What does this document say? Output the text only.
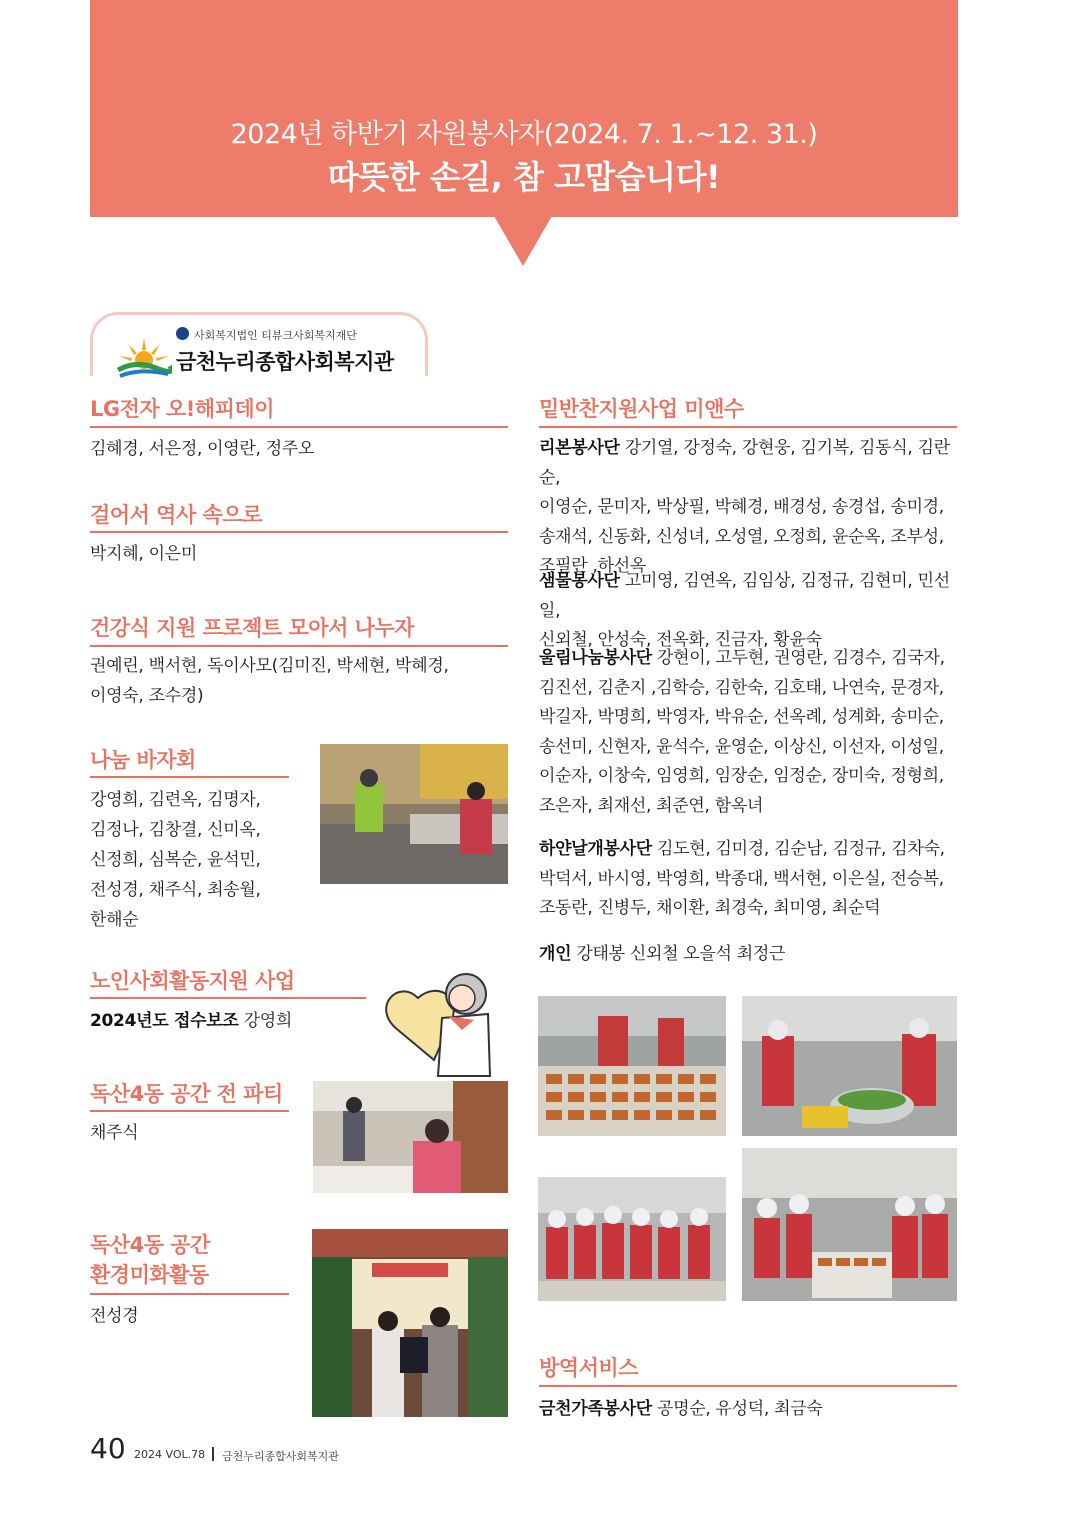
2024년 하반기 자원봉사자(2024. 7. 1.~12. 31.)
따뜻한 손길, 참 고맙습니다!
사회복지법인 티뷰크사회복지재단
금천누리종합사회복지관
LG전자 오!해피데이
김혜경, 서은정, 이영란, 정주오
걸어서 역사 속으로
박지혜, 이은미
건강식 지원 프로젝트 모아서 나누자
권예린, 백서현, 독이사모(김미진, 박세현, 박혜경,
이영숙, 조수경)
나눔 바자회
강영희, 김련옥, 김명자,
김정나, 김창결, 신미옥,
신정희, 심복순, 윤석민,
전성경, 채주식, 최송월,
한해순
노인사회활동지원 사업
2024년도 접수보조 강영희
독산4동 공간 전 파티
채주식
독산4동 공간
환경미화활동
전성경
밑반찬지원사업 미앤수
리본봉사단 강기열, 강정숙, 강현웅, 김기복, 김동식, 김란순,
이영순, 문미자, 박상필, 박혜경, 배경성, 송경섭, 송미경,
송재석, 신동화, 신성녀, 오성열, 오정희, 윤순옥, 조부성,
조필란 ,하선옥
샘물봉사단 고미영, 김연옥, 김임상, 김정규, 김현미, 민선일,
신외철, 안성숙, 전옥화, 진금자, 황윤숙
울림나눔봉사단 강현이, 고두현, 권영란, 김경수, 김국자,
김진선, 김춘지 ,김학승, 김한숙, 김호태, 나연숙, 문경자,
박길자, 박명희, 박영자, 박유순, 선옥례, 성계화, 송미순,
송선미, 신현자, 윤석수, 윤영순, 이상신, 이선자, 이성일,
이순자, 이창숙, 임영희, 임장순, 임정순, 장미숙, 정형희,
조은자, 최재선, 최준연, 함옥녀
하얀날개봉사단 김도현, 김미경, 김순남, 김정규, 김차숙,
박덕서, 바시영, 박영희, 박종대, 백서현, 이은실, 전승복,
조동란, 진병두, 채이환, 최경숙, 최미영, 최순덕
개인 강태봉 신외철 오을석 최정근
방역서비스
금천가족봉사단 공명순, 유성덕, 최금숙
40 2024 VOL.78 금천누리종합사회복지관
